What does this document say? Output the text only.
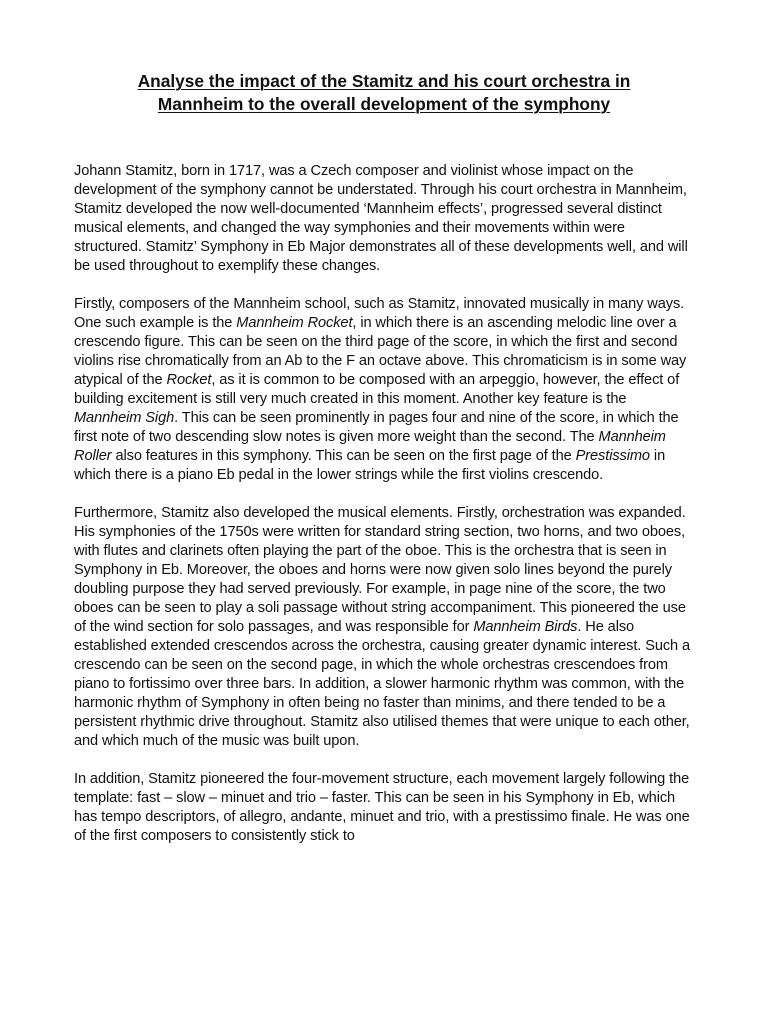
Analyse the impact of the Stamitz and his court orchestra in
Mannheim to the overall development of the symphony

Johann Stamitz, born in 1717, was a Czech composer and violinist whose impact on the development of the symphony cannot be understated. Through his court orchestra in Mannheim, Stamitz developed the now well-documented ‘Mannheim effects’, progressed several distinct musical elements, and changed the way symphonies and their movements within were structured. Stamitz’ Symphony in Eb Major demonstrates all of these developments well, and will be used throughout to exemplify these changes.

Firstly, composers of the Mannheim school, such as Stamitz, innovated musically in many ways. One such example is the Mannheim Rocket, in which there is an ascending melodic line over a crescendo figure. This can be seen on the third page of the score, in which the first and second violins rise chromatically from an Ab to the F an octave above. This chromaticism is in some way atypical of the Rocket, as it is common to be composed with an arpeggio, however, the effect of building excitement is still very much created in this moment. Another key feature is the Mannheim Sigh. This can be seen prominently in pages four and nine of the score, in which the first note of two descending slow notes is given more weight than the second. The Mannheim Roller also features in this symphony. This can be seen on the first page of the Prestissimo in which there is a piano Eb pedal in the lower strings while the first violins crescendo.

Furthermore, Stamitz also developed the musical elements. Firstly, orchestration was expanded. His symphonies of the 1750s were written for standard string section, two horns, and two oboes, with flutes and clarinets often playing the part of the oboe. This is the orchestra that is seen in Symphony in Eb. Moreover, the oboes and horns were now given solo lines beyond the purely doubling purpose they had served previously. For example, in page nine of the score, the two oboes can be seen to play a soli passage without string accompaniment. This pioneered the use of the wind section for solo passages, and was responsible for Mannheim Birds. He also established extended crescendos across the orchestra, causing greater dynamic interest. Such a crescendo can be seen on the second page, in which the whole orchestras crescendoes from piano to fortissimo over three bars. In addition, a slower harmonic rhythm was common, with the harmonic rhythm of Symphony in often being no faster than minims, and there tended to be a persistent rhythmic drive throughout. Stamitz also utilised themes that were unique to each other, and which much of the music was built upon.

In addition, Stamitz pioneered the four-movement structure, each movement largely following the template: fast – slow – minuet and trio – faster. This can be seen in his Symphony in Eb, which has tempo descriptors, of allegro, andante, minuet and trio, with a prestissimo finale. He was one of the first composers to consistently stick to
